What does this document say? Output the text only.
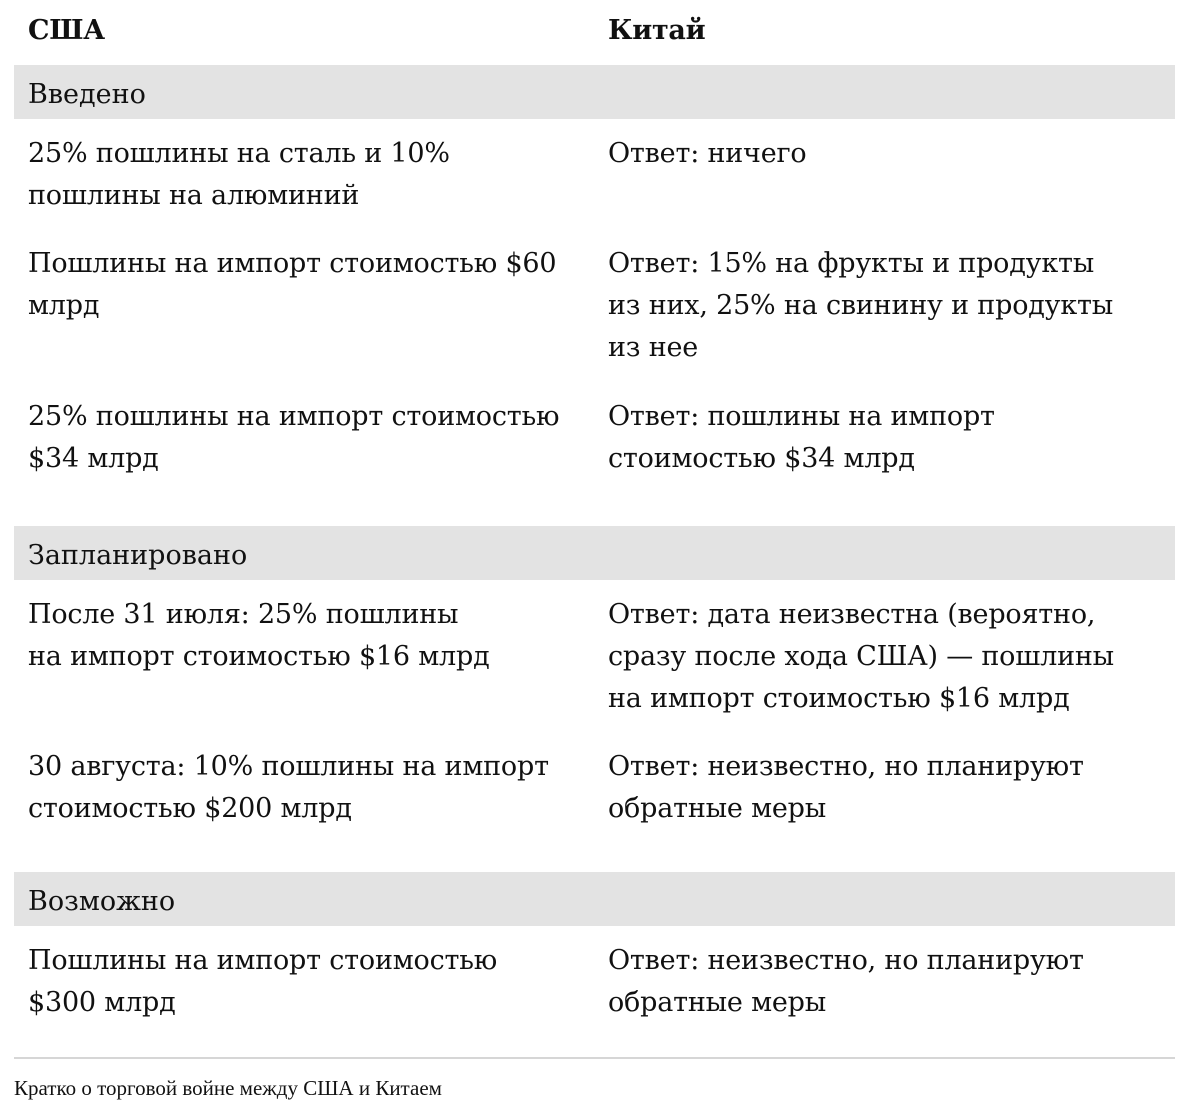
США	Китай
Введено
25% пошлины на сталь и 10%
пошлины на алюминий
Ответ: ничего
Пошлины на импорт стоимостью $60
млрд
Ответ: 15% на фрукты и продукты
из них, 25% на свинину и продукты
из нее
25% пошлины на импорт стоимостью
$34 млрд
Ответ: пошлины на импорт
стоимостью $34 млрд
Запланировано
После 31 июля: 25% пошлины
на импорт стоимостью $16 млрд
Ответ: дата неизвестна (вероятно,
сразу после хода США) — пошлины
на импорт стоимостью $16 млрд
30 августа: 10% пошлины на импорт
стоимостью $200 млрд
Ответ: неизвестно, но планируют
обратные меры
Возможно
Пошлины на импорт стоимостью
$300 млрд
Ответ: неизвестно, но планируют
обратные меры
Кратко о торговой войне между США и Китаем
